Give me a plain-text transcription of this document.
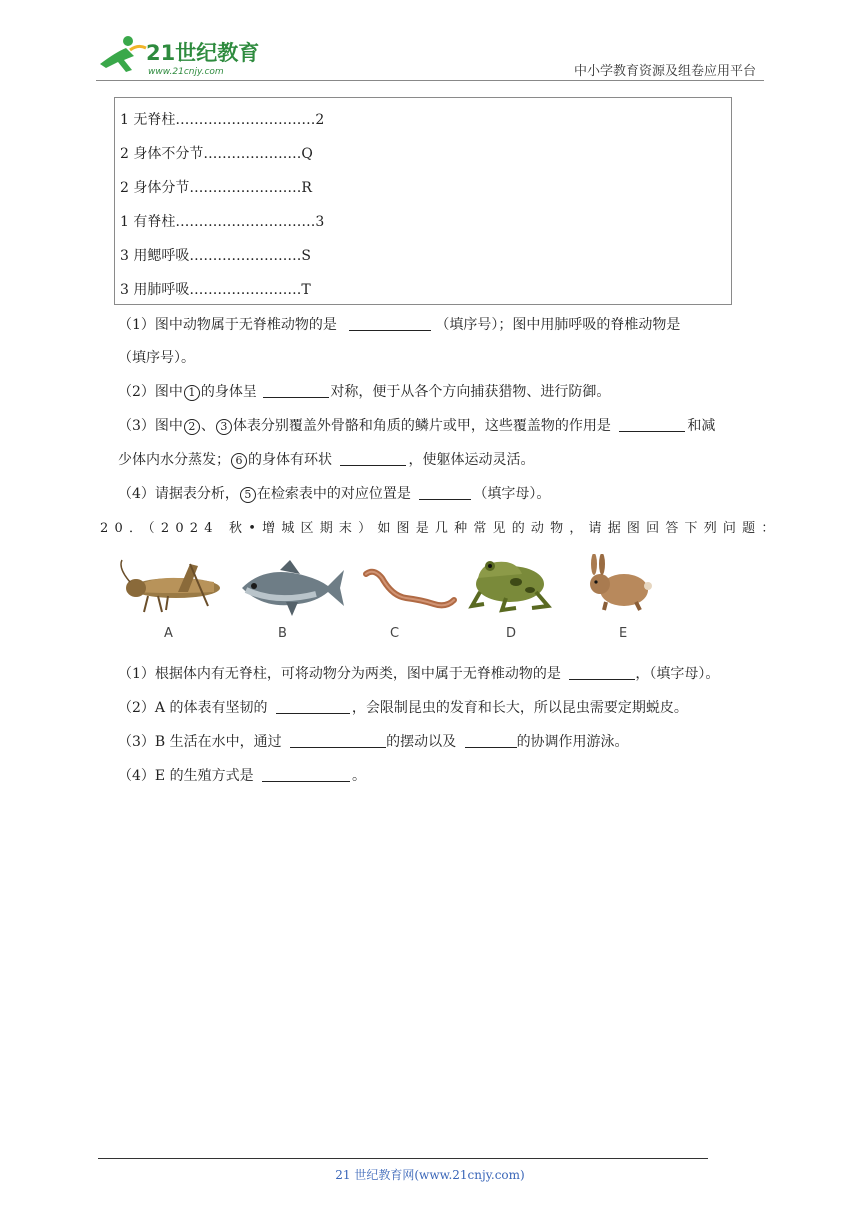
21世纪教育
www.21cnjy.com	中小学教育资源及组卷应用平台
1 无脊柱…………………………2
2 身体不分节…………………Q
2 身体分节……………………R
1 有脊柱…………………………3
3 用鳃呼吸……………………S
3 用肺呼吸……………………T
（1）图中动物属于无脊椎动物的是	（填序号）；图中用肺呼吸的脊椎动物是
（填序号）。
（2）图中 1 的身体呈	对称，便于从各个方向捕获猎物、进行防御。
（3）图中 2 、 3 体表分别覆盖外骨骼和角质的鳞片或甲，这些覆盖物的作用是	和减
少体内水分蒸发； 6 的身体有环状	，使躯体运动灵活。
（4）请据表分析， 5 在检索表中的对应位置是	（填字母）。
20．（2024 秋•增城区期末）如图是几种常见的动物，请据图回答下列问题：
A	B	C	D	E
（1）根据体内有无脊柱，可将动物分为两类，图中属于无脊椎动物的是	，（填字母）。
（2）A 的体表有坚韧的	，会限制昆虫的发育和长大，所以昆虫需要定期蜕皮。
（3）B 生活在水中，通过	的摆动以及	的协调作用游泳。
（4）E 的生殖方式是	。
21 世纪教育网(www.21cnjy.com)
